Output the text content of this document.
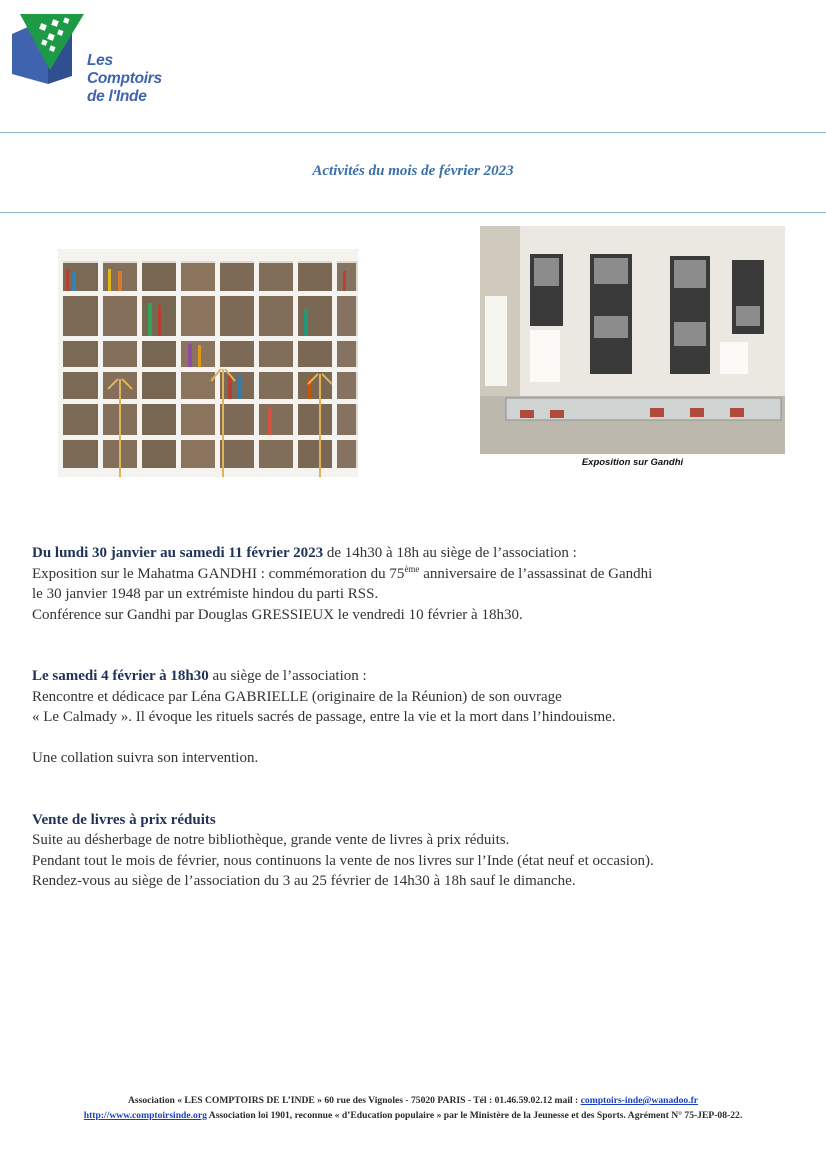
Les Comptoirs
de l'Inde
Activités du mois de février 2023
Exposition sur Gandhi

Du lundi 30 janvier au samedi 11 février 2023 de 14h30 à 18h au siège de l’association :

Exposition sur le Mahatma GANDHI : commémoration du 75ème anniversaire de l’assassinat de Gandhi

le 30 janvier 1948 par un extrémiste hindou du parti RSS.

Conférence sur Gandhi par Douglas GRESSIEUX le vendredi 10 février à 18h30.

Le samedi 4 février à 18h30 au siège de l’association :

Rencontre et dédicace par Léna GABRIELLE (originaire de la Réunion) de son ouvrage

« Le Calmady ». Il évoque les rituels sacrés de passage, entre la vie et la mort dans l’hindouisme.

Une collation suivra son intervention.

Vente de livres à prix réduits

Suite au désherbage de notre bibliothèque, grande vente de livres à prix réduits.

Pendant tout le mois de février, nous continuons la vente de nos livres sur l’Inde (état neuf et occasion).

Rendez-vous au siège de l’association du 3 au 25 février de 14h30 à 18h sauf le dimanche.

Association « LES COMPTOIRS DE L’INDE » 60 rue des Vignoles - 75020 PARIS - Tél : 01.46.59.02.12 mail : comptoirs-inde@wanadoo.fr
http://www.comptoirsinde.org Association loi 1901, reconnue « d’Education populaire » par le Ministère de la Jeunesse et des Sports. Agrément N° 75-JEP-08-22.
